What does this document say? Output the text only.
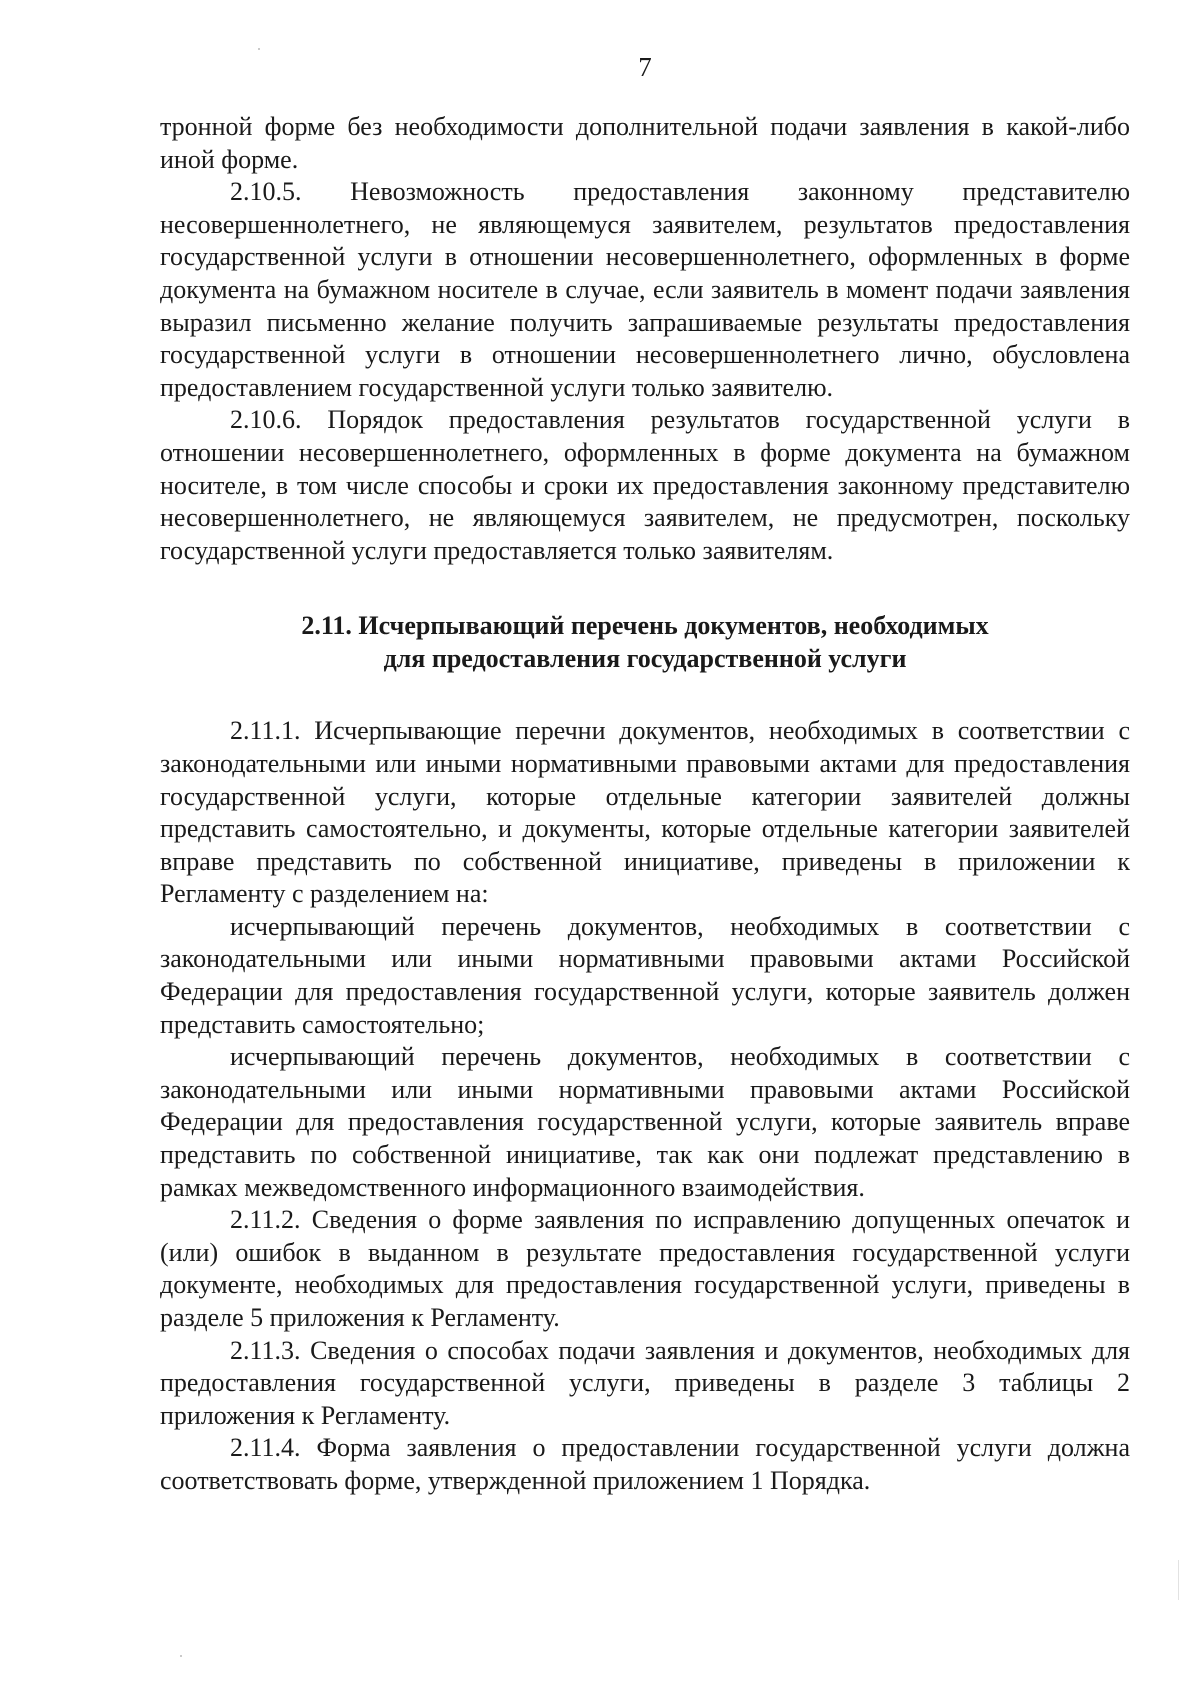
7

тронной форме без необходимости дополнительной подачи заявления в какой-либо иной форме.

2.10.5. Невозможность предоставления законному представителю несовершеннолетнего, не являющемуся заявителем, результатов предоставления государственной услуги в отношении несовершеннолетнего, оформленных в форме документа на бумажном носителе в случае, если заявитель в момент подачи заявления выразил письменно желание получить запрашиваемые результаты предоставления государственной услуги в отношении несовершеннолетнего лично, обусловлена предоставлением государственной услуги только заявителю.

2.10.6. Порядок предоставления результатов государственной услуги в отношении несовершеннолетнего, оформленных в форме документа на бумажном носителе, в том числе способы и сроки их предоставления законному представителю несовершеннолетнего, не являющемуся заявителем, не предусмотрен, поскольку государственной услуги предоставляется только заявителям.

2.11. Исчерпывающий перечень документов, необходимых
для предоставления государственной услуги

2.11.1. Исчерпывающие перечни документов, необходимых в соответствии с законодательными или иными нормативными правовыми актами для предоставления государственной услуги, которые отдельные категории заявителей должны представить самостоятельно, и документы, которые отдельные категории заявителей вправе представить по собственной инициативе, приведены в приложении к Регламенту с разделением на:

исчерпывающий перечень документов, необходимых в соответствии с законодательными или иными нормативными правовыми актами Российской Федерации для предоставления государственной услуги, которые заявитель должен представить самостоятельно;

исчерпывающий перечень документов, необходимых в соответствии с законодательными или иными нормативными правовыми актами Российской Федерации для предоставления государственной услуги, которые заявитель вправе представить по собственной инициативе, так как они подлежат представлению в рамках межведомственного информационного взаимодействия.

2.11.2. Сведения о форме заявления по исправлению допущенных опечаток и (или) ошибок в выданном в результате предоставления государственной услуги документе, необходимых для предоставления государственной услуги, приведены в разделе 5 приложения к Регламенту.

2.11.3. Сведения о способах подачи заявления и документов, необходимых для предоставления государственной услуги, приведены в разделе 3 таблицы 2 приложения к Регламенту.

2.11.4. Форма заявления о предоставлении государственной услуги должна соответствовать форме, утвержденной приложением 1 Порядка.
